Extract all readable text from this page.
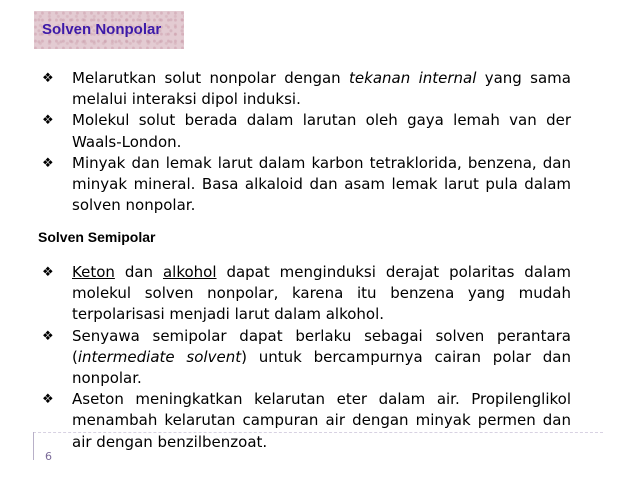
Solven Nonpolar
❖ Melarutkan solut nonpolar dengan tekanan internal yang sama melalui interaksi dipol induksi.
❖ Molekul solut berada dalam larutan oleh gaya lemah van der Waals-London.
❖ Minyak dan lemak larut dalam karbon tetraklorida, benzena, dan minyak mineral. Basa alkaloid dan asam lemak larut pula dalam solven nonpolar.
Solven Semipolar
❖ Keton dan alkohol dapat menginduksi derajat polaritas dalam molekul solven nonpolar, karena itu benzena yang mudah terpolarisasi menjadi larut dalam alkohol.
❖ Senyawa semipolar dapat berlaku sebagai solven perantara (intermediate solvent) untuk bercampurnya cairan polar dan nonpolar.
❖ Aseton meningkatkan kelarutan eter dalam air. Propilenglikol menambah kelarutan campuran air dengan minyak permen dan air dengan benzilbenzoat.
6
